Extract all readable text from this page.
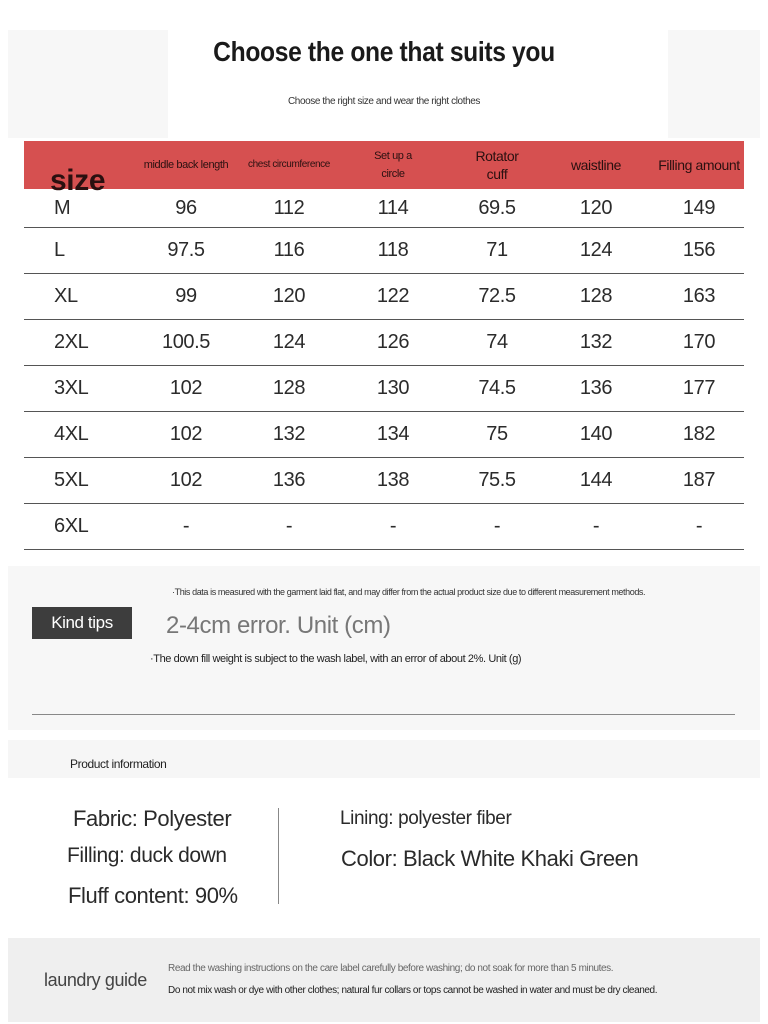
Choose the one that suits you
Choose the right size and wear the right clothes
size	middle back length	chest circumference	Set up a circle	Rotator cuff	waistline	Filling amount
M	96	112	114	69.5	120	149
L	97.5	116	118	71	124	156
XL	99	120	122	72.5	128	163
2XL	100.5	124	126	74	132	170
3XL	102	128	130	74.5	136	177
4XL	102	132	134	75	140	182
5XL	102	136	138	75.5	144	187
6XL	-	-	-	-	-	-
Kind tips
·This data is measured with the garment laid flat, and may differ from the actual product size due to different measurement methods.
2-4cm error. Unit (cm)
·The down fill weight is subject to the wash label, with an error of about 2%. Unit (g)
Product information
Fabric: Polyester
Filling: duck down
Fluff content: 90%
Lining: polyester fiber
Color: Black White Khaki Green
laundry guide
Read the washing instructions on the care label carefully before washing; do not soak for more than 5 minutes.
Do not mix wash or dye with other clothes; natural fur collars or tops cannot be washed in water and must be dry cleaned.
